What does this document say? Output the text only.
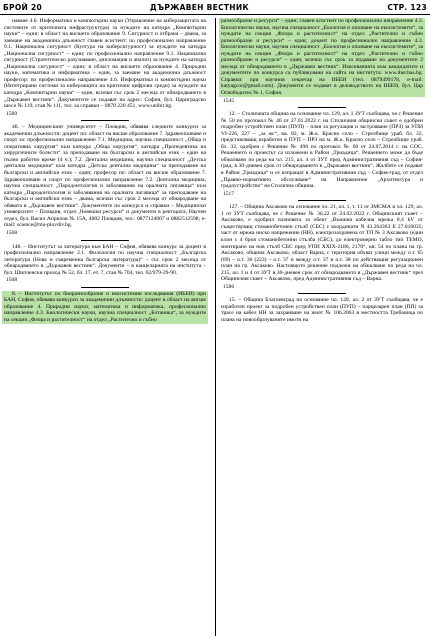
БРОЙ 20	ДЪРЖАВЕН ВЕСТНИК	СТР. 123

наване 4.6. Информатика и компютърни науки (Управление на киберзащитата на системите от критичната инфраструктура) за нуждите на катедра „Компютърни науки“ – един; в област на висшето образование 9. Сигурност и отбрана – двама, за заемане на академична длъжност главен асистент: по професионално направление 9.1. Национална сигурност (Култура на киберсигурност) за нуждите на катедра „Национална сигурност“ – един; по професионално направление 9.1. Национална сигурност (Стратегическо разузнаване, дипломация и анализ) за нуждите на катедра „Национална сигурност“ – един; в област на висшето образование 4. Природни науки, математика и информатика – един, за заемане на академична длъжност професор: по професионално направление 4.6. Информатика и компютърни науки (Интегрирани системи за киберзащита на критични цифрови среди) за нуждите на катедра „Компютърни науки“ – един, всички със срок 2 месеца от обнародването в „Държавен вестник“. Документите се подават на адрес: София, бул. Цариградско шосе № 119, стая № 111, тел. за справки – 0878 220 451, www.unibit.bg.

1560

46. – Медицинският университет – Пловдив, обявява следните конкурси за академични длъжности: доцент по: област на висше образование 7. Здравеопазване и спорт за: професионално направление 7.1. Медицина, научна специалност „Обща и оперативна хирургия“ към катедра „Обща хирургия“, катедра „Пропедевтика на хирургичните болести“ за преподаване на български и английски език – един на пълно работно време (4 ч.); 7.2. Дентална медицина, научна специалност „Детска дентална медицина“ към катедра „Детска дентална медицина“ за преподаване на български и английски език – един; професор по: област на висше образование 7. Здравеопазване и спорт по професионално направление 7.2. Дентална медицина, научна специалност „Пародонтология и заболявания на оралната лигавица“ към катедра „Пародонтология и заболявания на оралната лигавица“ за преподаване на български и английски език – двама, всички със срок 2 месеца от обнародване на обявата в „Държавен вестник“. Документите по конкурса и справки – Медицински университет – Пловдив, отдел „Човешки ресурси“ и документи в ректората, Научен отдел, бул. Васил Априлов № 15А, 4002 Пловдив, тел.: 0877124007 и 0882512598; e-mail: science@mu-plovdiv.bg.

1568

148. – Институтът за литература към БАН – София, обявява конкурс за доцент в професионално направление 2.1. Филология по научна специалност „Българска литература (Нова и съвременна българска литература)“ – със срок 2 месеца от обнародването в „Държавен вестник“. Документи – в канцеларията на института – бул. Шипченски проход № 52, бл. 17, ет. 7, стая № 704, тел. 02/979-29-90.

1508

8. – Институтът по биоразнообразие и екосистемни изследвания (ИБЕИ) при БАН, София, обявява конкурси за академични длъжности: доцент в област на висше образование 4. Природни науки, математика и информатика, професионално направление 4.3. Биологически науки, научна специалност „Ботаника“, за нуждите на секция „Флора и растителност“ на отдел „Растително и гъбно

разнообразие и ресурси“ – един; главен асистент по професионално направление 4.3. Биологически науки, научна специалност „Екология и опазване на екосистемите“, за нуждите на секция „Флора и растителност“ на отдел „Растително и гъбно разнообразие и ресурси“ – един; доцент по професионално направление 4.3. Биологически науки, научна специалност „Екология и опазване на екосистемите“, за нуждите на секция „Флора и растителност“ на отдел „Растително и гъбно разнообразие и ресурси“ – един, всички със срок за подаване на документите 2 месеца от обнародването в „Държавен вестник“. Изискванията към кандидатите и документите по конкурса са публикувани на сайта на института: www.iber.bas.bg. Справки: при научния секретар на ИБЕИ (тел. 0879499178, e-mail: katyagcor@gmail.com). Документи се подават в деловодството на ИБЕИ, бул. Цар Освободител № 1, София.

1545

12. – Столичната община на основание чл. 129, ал. 1 ЗУТ съобщава, че с Решение № 50 по протокол № 46 от 27.01.2022 г. на Столичния общински съвет е одобрен подробен устройствен план (ПУП) – план за регулация и застрояване (ПРЗ) за УПИ VI-226, 227 – „за жс“, кв. 82, м. Ж.к. Красно село – Стрелбище ураб. бл. 32, представляващ изработен в ПУП – ПРЗ на м. Ж.к. Красно село – Стрелбище ураб. бл. 32, одобрен с Решение № 490 по протокол № 66 от 24.07.2014 г. на СОС. Решението и проектът са изложени в Район „Триадица“. Решението може да бъде обжалвано по реда на чл. 215, ал. 4 от ЗУТ пред Административния съд – София-град, в 30-дневен срок от обнародването в „Държавен вестник“. Жалбите се подават в Район „Триадица“ и се изпращат в Административния съд – София-град, от отдел „Правно-нормативно обслужване“ на Направление „Архитектура и градоустройство“ на Столична община.

1517

127. – Община Аксаково на основание чл. 21, ал. 1, т. 11 от ЗМСМА и чл. 129, ал. 1 от ЗУТ съобщава, че с Решение № 36.22 от 24.02.2022 г. Общинският съвет – Аксаково, е одобрил плановата за обект „Външна кабелна мрежа 0,4 kV от съществуващ стоманобетонен стълб (СБС) с координати N 43.264363 E 27.816035; част от мрежа ниско напрежение (НН), електрозахранена от ТП № 3 Аксаково (един клон с 4 броя стоманобетонни стълба (СБС), до електромерно табло тип ТЕМО, монтирано на нов стълб СБС пред УПИ XXIX-2186, 2170“, кв. 54 по плана на гр. Аксаково, община Аксаково, област Варна, с територия обхват улици между о.т. 65 (69) – о.т. 36 (223) – о.т. 37 и между о.т. 37 и о.т. 38 по действащия регулационен план на гр. Аксаково. Настоящото решение подлежи на обжалване по реда на чл. 215, ал. 1 и 4 от ЗУТ в 30-дневен срок от обнародването в „Държавен вестник“ чрез Общинския съвет – Аксаково, пред Административния съд – Варна.

1586

15. – Община Благоевград на основание чл. 128, ал. 2 от ЗУТ съобщава, че е изработен проект за подробен устройствен план (ПУП) – парцеларен план (ПП) за трасе на кабел НН за захранване на имот № 106.2063 в местността Требаница по плана на новообразуваните имоти на
